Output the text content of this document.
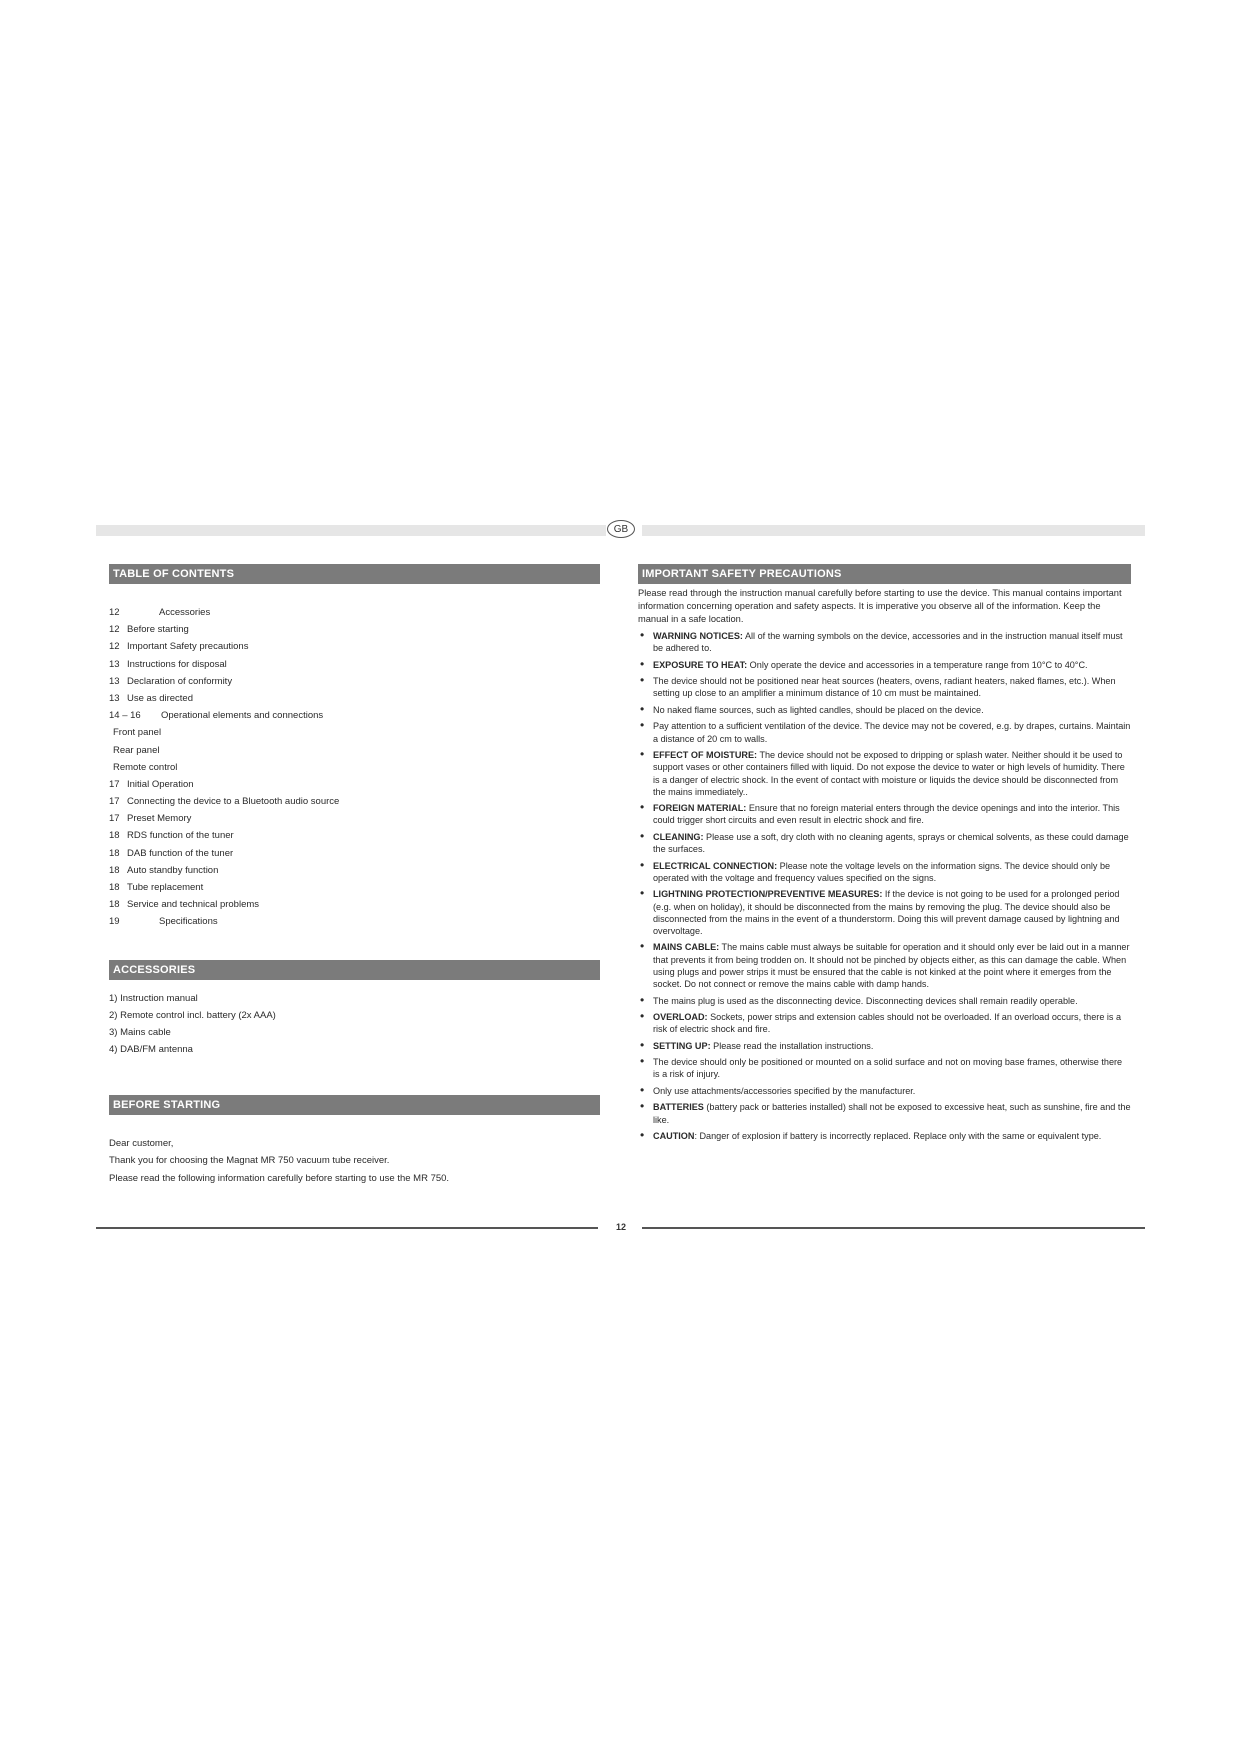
GB
TABLE OF CONTENTS
12	Accessories
12 Before starting
12 Important Safety precautions
13 Instructions for disposal
13 Declaration of conformity
13 Use as directed
14 – 16 Operational elements and connections
Front panel
Rear panel
Remote control
17 Initial Operation
17 Connecting the device to a Bluetooth audio source
17 Preset Memory
18 RDS function of the tuner
18 DAB function of the tuner
18 Auto standby function
18 Tube replacement
18 Service and technical problems
19	Specifications
ACCESSORIES
1) Instruction manual
2) Remote control incl. battery (2x AAA)
3) Mains cable
4) DAB/FM antenna
BEFORE STARTING

Dear customer,

Thank you for choosing the Magnat MR 750 vacuum tube receiver.

Please read the following information carefully before starting to use the MR 750.

IMPORTANT SAFETY PRECAUTIONS
Please read through the instruction manual carefully before starting to use the device. This manual contains important information concerning operation and safety aspects. It is imperative you observe all of the information. Keep the manual in a safe location.
• WARNING NOTICES: All of the warning symbols on the device, accessories and in the instruction manual itself must be adhered to.
• EXPOSURE TO HEAT: Only operate the device and accessories in a temperature range from 10°C to 40°C.
• The device should not be positioned near heat sources (heaters, ovens, radiant heaters, naked flames, etc.). When setting up close to an amplifier a minimum distance of 10 cm must be maintained.
• No naked flame sources, such as lighted candles, should be placed on the device.
• Pay attention to a sufficient ventilation of the device. The device may not be covered, e.g. by drapes, curtains. Maintain a distance of 20 cm to walls.
• EFFECT OF MOISTURE: The device should not be exposed to dripping or splash water. Neither should it be used to support vases or other containers filled with liquid. Do not expose the device to water or high levels of humidity. There is a danger of electric shock. In the event of contact with moisture or liquids the device should be disconnected from the mains immediately..
• FOREIGN MATERIAL: Ensure that no foreign material enters through the device openings and into the interior. This could trigger short circuits and even result in electric shock and fire.
• CLEANING: Please use a soft, dry cloth with no cleaning agents, sprays or chemical solvents, as these could damage the surfaces.
• ELECTRICAL CONNECTION: Please note the voltage levels on the information signs. The device should only be operated with the voltage and frequency values specified on the signs.
• LIGHTNING PROTECTION/PREVENTIVE MEASURES: If the device is not going to be used for a prolonged period (e.g. when on holiday), it should be disconnected from the mains by removing the plug. The device should also be disconnected from the mains in the event of a thunderstorm. Doing this will prevent damage caused by lightning and overvoltage.
• MAINS CABLE: The mains cable must always be suitable for operation and it should only ever be laid out in a manner that prevents it from being trodden on. It should not be pinched by objects either, as this can damage the cable. When using plugs and power strips it must be ensured that the cable is not kinked at the point where it emerges from the socket. Do not connect or remove the mains cable with damp hands.
• The mains plug is used as the disconnecting device. Disconnecting devices shall remain readily operable.
• OVERLOAD: Sockets, power strips and extension cables should not be overloaded. If an overload occurs, there is a risk of electric shock and fire.
• SETTING UP: Please read the installation instructions.
• The device should only be positioned or mounted on a solid surface and not on moving base frames, otherwise there is a risk of injury.
• Only use attachments/accessories specified by the manufacturer.
• BATTERIES (battery pack or batteries installed) shall not be exposed to excessive heat, such as sunshine, fire and the like.
• CAUTION: Danger of explosion if battery is incorrectly replaced. Replace only with the same or equivalent type.
12
